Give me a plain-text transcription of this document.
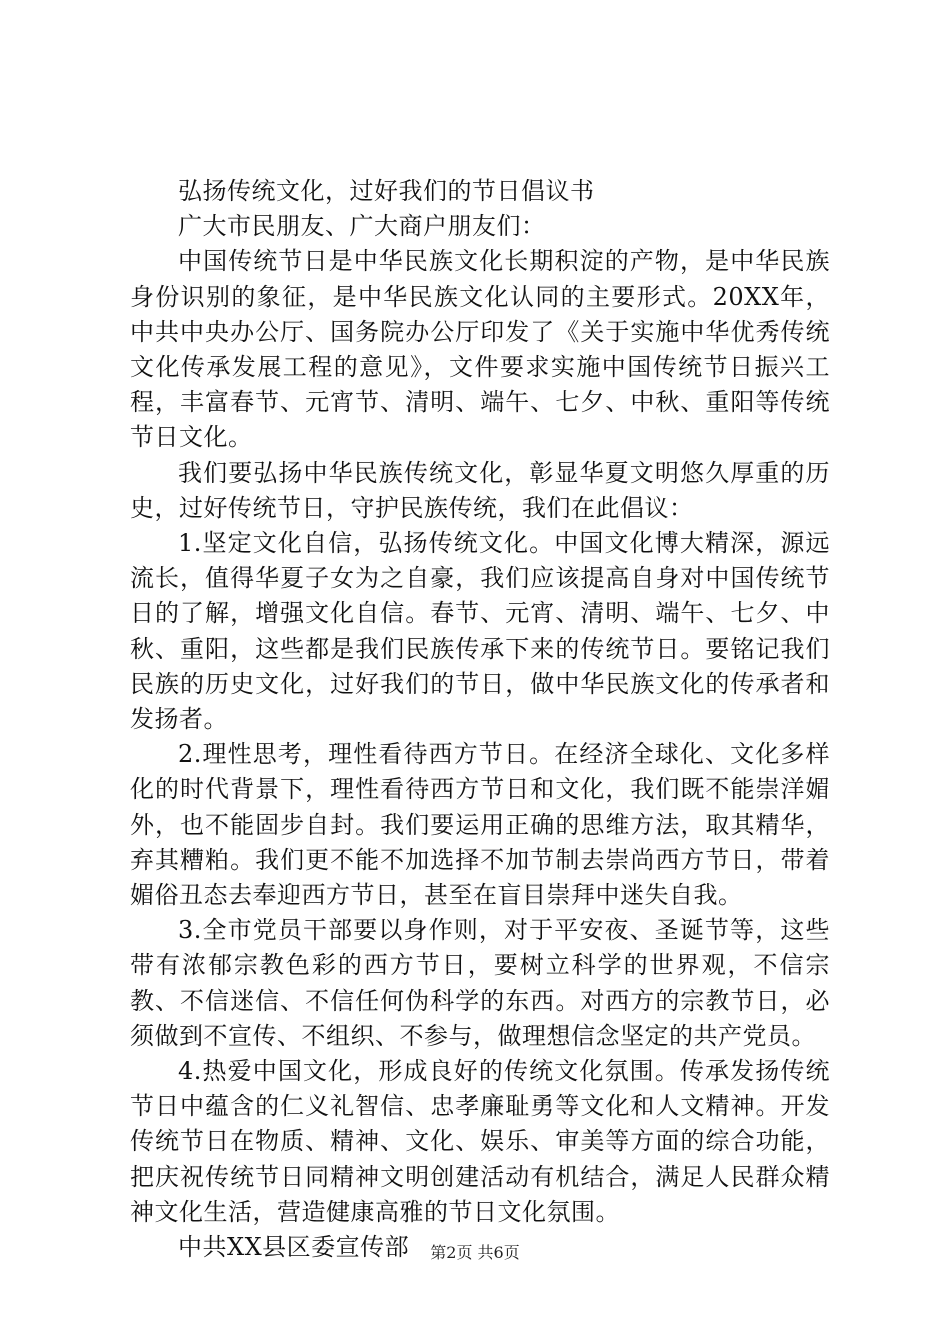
弘扬传统文化，过好我们的节日倡议书

广大市民朋友、广大商户朋友们：

中国传统节日是中华民族文化长期积淀的产物，是中华民族身份识别的象征，是中华民族文化认同的主要形式。20XX年，中共中央办公厅、国务院办公厅印发了《关于实施中华优秀传统文化传承发展工程的意见》，文件要求实施中国传统节日振兴工程，丰富春节、元宵节、清明、端午、七夕、中秋、重阳等传统节日文化。

我们要弘扬中华民族传统文化，彰显华夏文明悠久厚重的历史，过好传统节日，守护民族传统，我们在此倡议：

1.坚定文化自信，弘扬传统文化。中国文化博大精深，源远流长，值得华夏子女为之自豪，我们应该提高自身对中国传统节日的了解，增强文化自信。春节、元宵、清明、端午、七夕、中秋、重阳，这些都是我们民族传承下来的传统节日。要铭记我们民族的历史文化，过好我们的节日，做中华民族文化的传承者和发扬者。

2.理性思考，理性看待西方节日。在经济全球化、文化多样化的时代背景下，理性看待西方节日和文化，我们既不能崇洋媚外，也不能固步自封。我们要运用正确的思维方法，取其精华，弃其糟粕。我们更不能不加选择不加节制去崇尚西方节日，带着媚俗丑态去奉迎西方节日，甚至在盲目崇拜中迷失自我。

3.全市党员干部要以身作则，对于平安夜、圣诞节等，这些带有浓郁宗教色彩的西方节日，要树立科学的世界观，不信宗教、不信迷信、不信任何伪科学的东西。对西方的宗教节日，必须做到不宣传、不组织、不参与，做理想信念坚定的共产党员。

4.热爱中国文化，形成良好的传统文化氛围。传承发扬传统节日中蕴含的仁义礼智信、忠孝廉耻勇等文化和人文精神。开发传统节日在物质、精神、文化、娱乐、审美等方面的综合功能，把庆祝传统节日同精神文明创建活动有机结合，满足人民群众精神文化生活，营造健康高雅的节日文化氛围。

中共XX县区委宣传部	第2页 共6页
